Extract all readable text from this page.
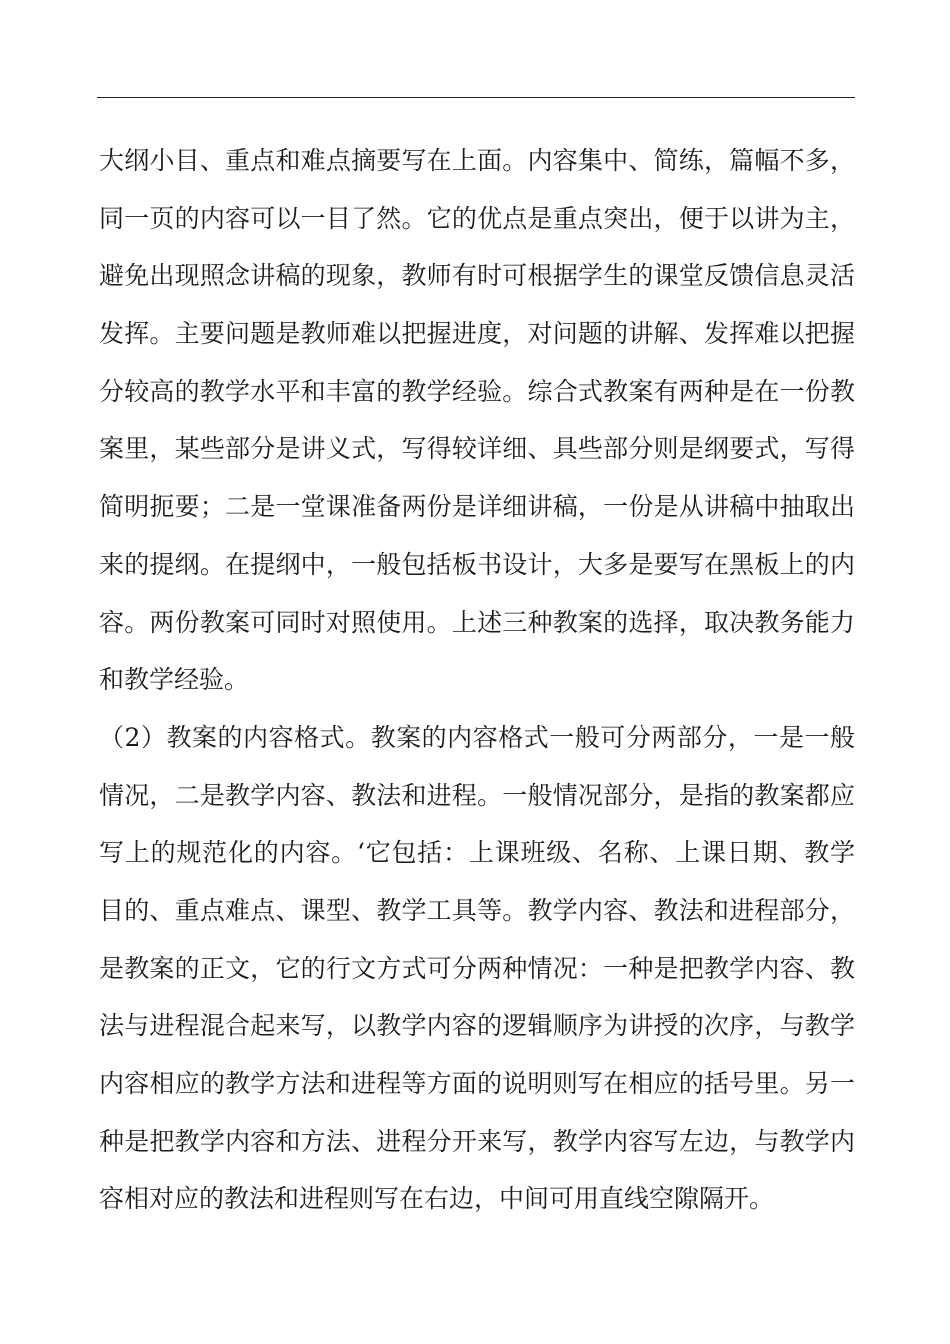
大纲小目、重点和难点摘要写在上面。内容集中、简练，篇幅不多，
同一页的内容可以一目了然。它的优点是重点突出，便于以讲为主，
避免出现照念讲稿的现象，教师有时可根据学生的课堂反馈信息灵活
发挥。主要问题是教师难以把握进度，对问题的讲解、发挥难以把握
分较高的教学水平和丰富的教学经验。综合式教案有两种是在一份教
案里，某些部分是讲义式，写得较详细、具些部分则是纲要式，写得
简明扼要；二是一堂课准备两份是详细讲稿，一份是从讲稿中抽取出
来的提纲。在提纲中，一般包括板书设计，大多是要写在黑板上的内
容。两份教案可同时对照使用。上述三种教案的选择，取决教务能力
和教学经验。
（2）教案的内容格式。教案的内容格式一般可分两部分，一是一般
情况，二是教学内容、教法和进程。一般情况部分，是指的教案都应
写上的规范化的内容。‘它包括：上课班级、名称、上课日期、教学
目的、重点难点、课型、教学工具等。教学内容、教法和进程部分，
是教案的正文，它的行文方式可分两种情况：一种是把教学内容、教
法与进程混合起来写，以教学内容的逻辑顺序为讲授的次序，与教学
内容相应的教学方法和进程等方面的说明则写在相应的括号里。另一
种是把教学内容和方法、进程分开来写，教学内容写左边，与教学内
容相对应的教法和进程则写在右边，中间可用直线空隙隔开。
